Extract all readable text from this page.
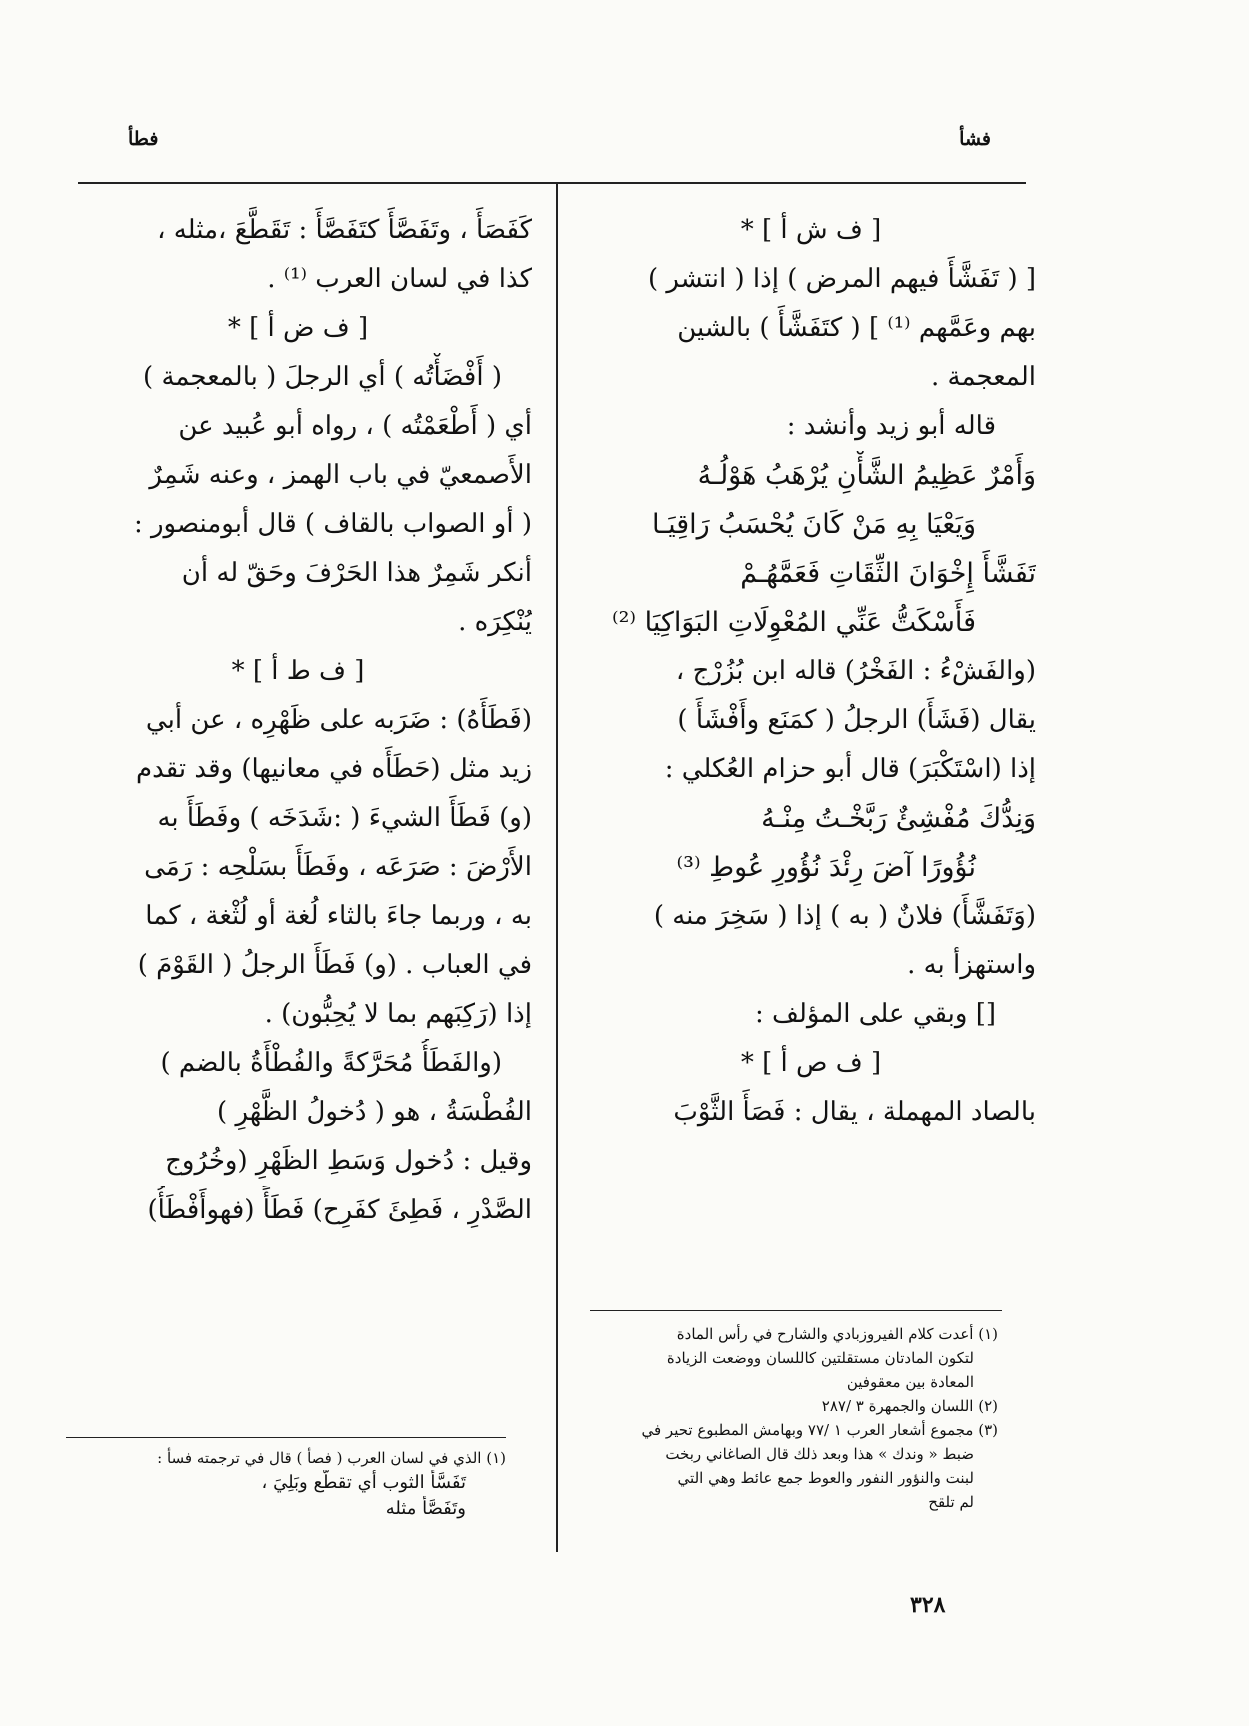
فشأ
فطأ
[ ف ش أ ] *
[ ( تَفَشَّأَ فيهم المرض ) إذا ( انتشر )
بهم وعَمَّهم ⁽¹⁾ ] ( كتَفَشَّأَ ) بالشين
المعجمة .
قاله أبو زيد وأنشد :
وَأَمْرٌ عَظِيمُ الشَّأْنِ يُرْهَبُ هَوْلُـهُ
وَيَعْيَا بِهِ مَنْ كَانَ يُحْسَبُ رَاقِيَـا
تَفَشَّأَ إِخْوَانَ الثِّقَاتِ فَعَمَّهُـمْ
فَأَسْكَتُّ عَنِّي المُعْوِلَاتِ البَوَاكِيَا ⁽²⁾
(والفَشْءُ : الفَخْرُ) قاله ابن بُزُرْج ،
يقال (فَشَأَ) الرجلُ ( كمَنَع وأَفْشَأَ )
إذا (اسْتَكْبَرَ) قال أبو حزام العُكلي :
وَنِدُّكَ مُفْشِئٌ رَبَّخْـتُ مِنْـهُ
نُؤُورًا آضَ رِئْدَ نُؤُورِ عُوطِ ⁽³⁾
(وَتَفَشَّأَ) فلانٌ ( به ) إذا ( سَخِرَ منه )
واستهزأ به .
[] وبقي على المؤلف :
[ ف ص أ ] *
بالصاد المهملة ، يقال : فَصَأَ الثَّوْبَ
(١) أعدت كلام الفيروزبادي والشارح في رأس المادة
لتكون المادتان مستقلتين كاللسان ووضعت الزيادة
المعادة بين معقوفين
(٢) اللسان والجمهرة ٣ /٢٨٧
(٣) مجموع أشعار العرب ١ /٧٧ وبهامش المطبوع تحير في
ضبط « وندك » هذا وبعد ذلك قال الصاغاني ربخت
لبنت والنؤور النفور والعوط جمع عائط وهي التي
لم تلقح
كَفَصَأَ ، وتَفَصَّأَ كتَفَصَّأَ : تَقَطَّعَ ،مثله ،
كذا في لسان العرب ⁽¹⁾ .
[ ف ض أ ] *
( أَفْضَأْتُه ) أي الرجلَ ( بالمعجمة )
أي ( أَطْعَمْتُه ) ، رواه أبو عُبيد عن
الأَصمعيّ في باب الهمز ، وعنه شَمِرٌ
( أو الصواب بالقاف ) قال أبومنصور :
أنكر شَمِرٌ هذا الحَرْفَ وحَقّ له أن
يُنْكِرَه .
[ ف ط أ ] *
(فَطَأَهُ) : ضَرَبه على ظَهْرِه ، عن أبي
زيد مثل (حَطَأَه في معانيها) وقد تقدم
(و) فَطَأَ الشيءَ ( :شَدَخَه ) وفَطَأَ به
الأَرْضَ : صَرَعَه ، وفَطَأَ بسَلْحِه : رَمَى
به ، وربما جاءَ بالثاء لُغة أو لُثْغة ، كما
في العباب . (و) فَطَأَ الرجلُ ( القَوْمَ )
إذا (رَكِبَهم بما لا يُحِبُّون) .
(والفَطَأُ مُحَرَّكةً والفُطْأَةُ بالضم )
الفُطْسَةُ ، هو ( دُخولُ الظَّهْرِ )
وقيل : دُخول وَسَطِ الظَهْرِ (وخُرُوج
الصَّدْرِ ، فَطِئَ كفَرِح) فَطَأً (فهوأَفْطَأُ)
(١) الذي في لسان العرب ( فصأ ) قال في ترجمته فسأ :
تَفَسَّأَ الثوب أي تقطّع وبَلِيَ ،
وتَفَصَّأَ مثله
٣٢٨
